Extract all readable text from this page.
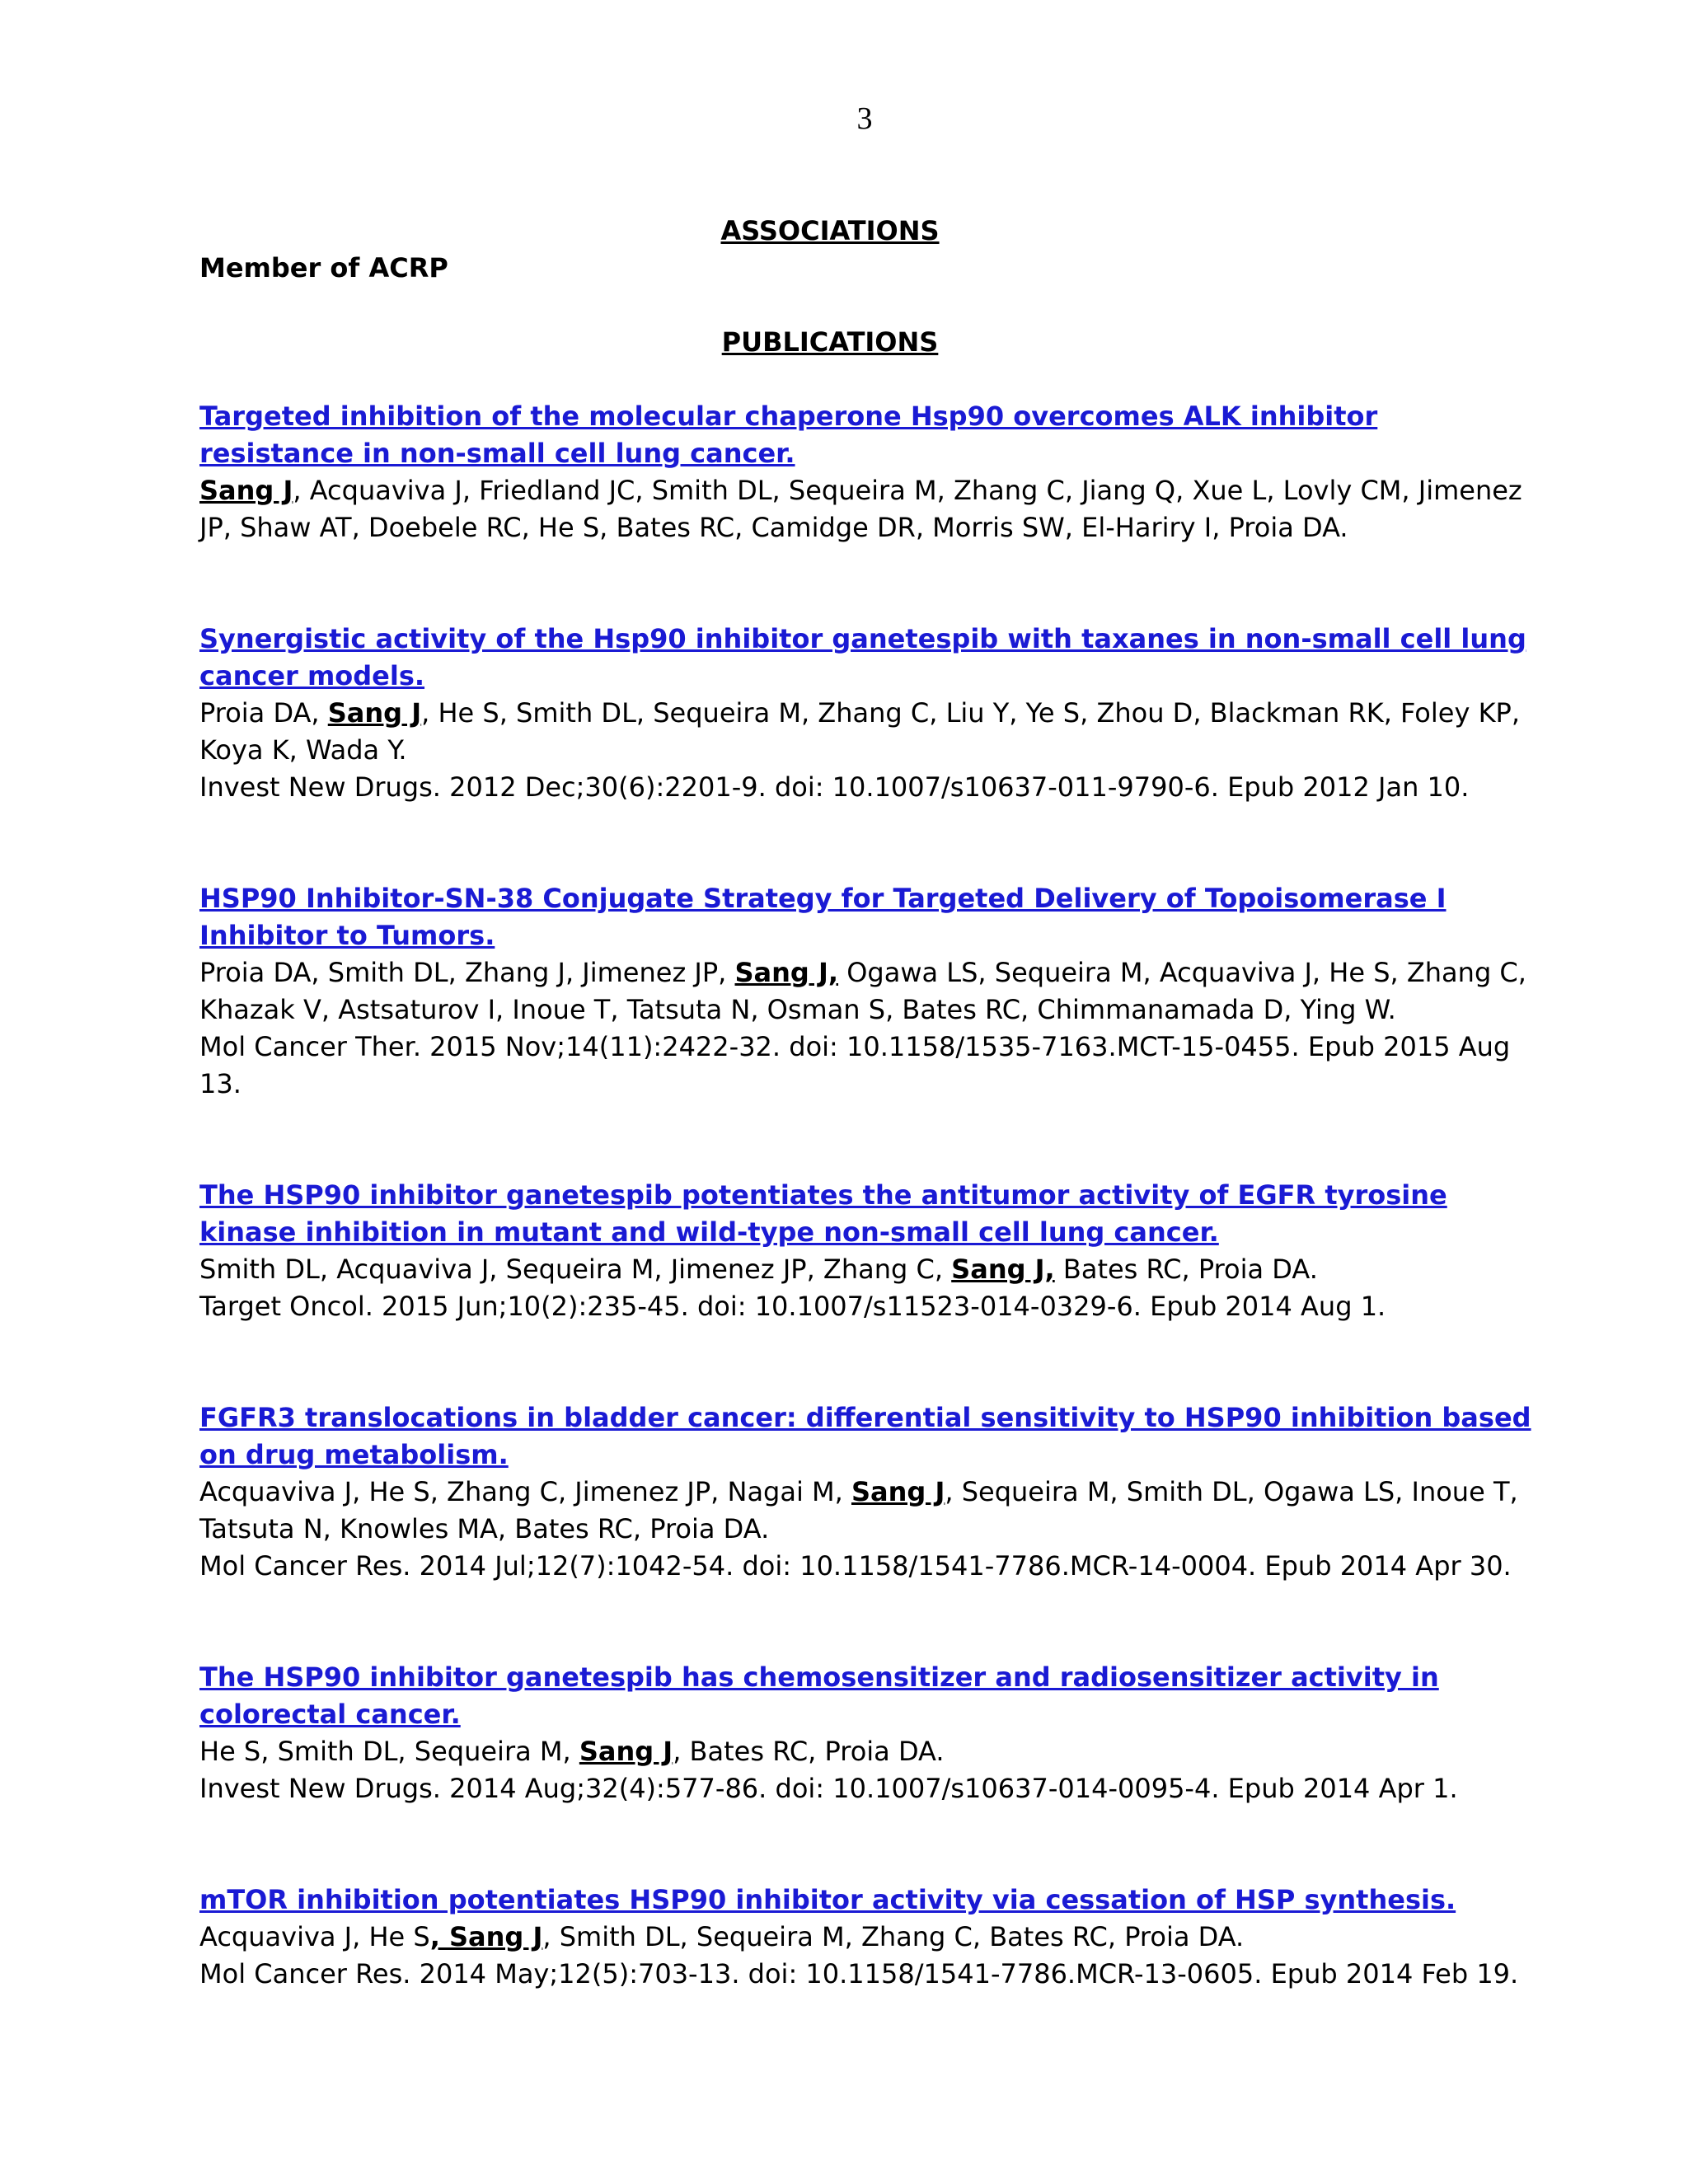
3
ASSOCIATIONS
Member of ACRP
PUBLICATIONS
Targeted inhibition of the molecular chaperone Hsp90 overcomes ALK inhibitor resistance in non-small cell lung cancer.
Sang J, Acquaviva J, Friedland JC, Smith DL, Sequeira M, Zhang C, Jiang Q, Xue L, Lovly CM, Jimenez JP, Shaw AT, Doebele RC, He S, Bates RC, Camidge DR, Morris SW, El-Hariry I, Proia DA.
Synergistic activity of the Hsp90 inhibitor ganetespib with taxanes in non-small cell lung cancer models.
Proia DA, Sang J, He S, Smith DL, Sequeira M, Zhang C, Liu Y, Ye S, Zhou D, Blackman RK, Foley KP, Koya K, Wada Y.
Invest New Drugs. 2012 Dec;30(6):2201-9. doi: 10.1007/s10637-011-9790-6. Epub 2012 Jan 10.
HSP90 Inhibitor-SN-38 Conjugate Strategy for Targeted Delivery of Topoisomerase I Inhibitor to Tumors.
Proia DA, Smith DL, Zhang J, Jimenez JP, Sang J, Ogawa LS, Sequeira M, Acquaviva J, He S, Zhang C, Khazak V, Astsaturov I, Inoue T, Tatsuta N, Osman S, Bates RC, Chimmanamada D, Ying W.
Mol Cancer Ther. 2015 Nov;14(11):2422-32. doi: 10.1158/1535-7163.MCT-15-0455. Epub 2015 Aug 13.
The HSP90 inhibitor ganetespib potentiates the antitumor activity of EGFR tyrosine kinase inhibition in mutant and wild-type non-small cell lung cancer.
Smith DL, Acquaviva J, Sequeira M, Jimenez JP, Zhang C, Sang J, Bates RC, Proia DA.
Target Oncol. 2015 Jun;10(2):235-45. doi: 10.1007/s11523-014-0329-6. Epub 2014 Aug 1.
FGFR3 translocations in bladder cancer: differential sensitivity to HSP90 inhibition based on drug metabolism.
Acquaviva J, He S, Zhang C, Jimenez JP, Nagai M, Sang J, Sequeira M, Smith DL, Ogawa LS, Inoue T, Tatsuta N, Knowles MA, Bates RC, Proia DA.
Mol Cancer Res. 2014 Jul;12(7):1042-54. doi: 10.1158/1541-7786.MCR-14-0004. Epub 2014 Apr 30.
The HSP90 inhibitor ganetespib has chemosensitizer and radiosensitizer activity in colorectal cancer.
He S, Smith DL, Sequeira M, Sang J, Bates RC, Proia DA.
Invest New Drugs. 2014 Aug;32(4):577-86. doi: 10.1007/s10637-014-0095-4. Epub 2014 Apr 1.
mTOR inhibition potentiates HSP90 inhibitor activity via cessation of HSP synthesis.
Acquaviva J, He S, Sang J, Smith DL, Sequeira M, Zhang C, Bates RC, Proia DA.
Mol Cancer Res. 2014 May;12(5):703-13. doi: 10.1158/1541-7786.MCR-13-0605. Epub 2014 Feb 19.
